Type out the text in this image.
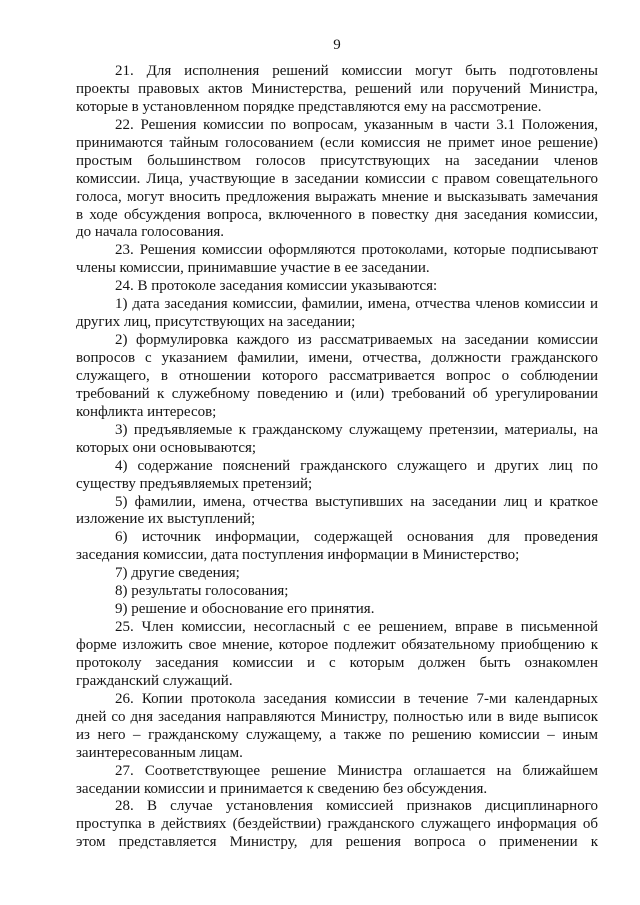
9
21. Для исполнения решений комиссии могут быть подготовлены
проекты правовых актов Министерства, решений или поручений Министра,
которые в установленном порядке представляются ему на рассмотрение.
22. Решения комиссии по вопросам, указанным в части 3.1 Положения,
принимаются тайным голосованием (если комиссия не примет иное решение)
простым большинством голосов присутствующих на заседании членов
комиссии. Лица, участвующие в заседании комиссии с правом совещательного
голоса, могут вносить предложения выражать мнение и высказывать замечания
в ходе обсуждения вопроса, включенного в повестку дня заседания комиссии,
до начала голосования.
23. Решения комиссии оформляются протоколами, которые подписывают
члены комиссии, принимавшие участие в ее заседании.
24. В протоколе заседания комиссии указываются:
1) дата заседания комиссии, фамилии, имена, отчества членов комиссии и
других лиц, присутствующих на заседании;
2) формулировка каждого из рассматриваемых на заседании комиссии
вопросов с указанием фамилии, имени, отчества, должности гражданского
служащего, в отношении которого рассматривается вопрос о соблюдении
требований к служебному поведению и (или) требований об урегулировании
конфликта интересов;
3) предъявляемые к гражданскому служащему претензии, материалы, на
которых они основываются;
4) содержание пояснений гражданского служащего и других лиц по
существу предъявляемых претензий;
5) фамилии, имена, отчества выступивших на заседании лиц и краткое
изложение их выступлений;
6) источник информации, содержащей основания для проведения
заседания комиссии, дата поступления информации в Министерство;
7) другие сведения;
8) результаты голосования;
9) решение и обоснование его принятия.
25. Член комиссии, несогласный с ее решением, вправе в письменной
форме изложить свое мнение, которое подлежит обязательному приобщению к
протоколу заседания комиссии и с которым должен быть ознакомлен
гражданский служащий.
26. Копии протокола заседания комиссии в течение 7-ми календарных
дней со дня заседания направляются Министру, полностью или в виде выписок
из него – гражданскому служащему, а также по решению комиссии – иным
заинтересованным лицам.
27. Соответствующее решение Министра оглашается на ближайшем
заседании комиссии и принимается к сведению без обсуждения.
28. В случае установления комиссией признаков дисциплинарного
проступка в действиях (бездействии) гражданского служащего информация об
этом представляется Министру, для решения вопроса о применении к
